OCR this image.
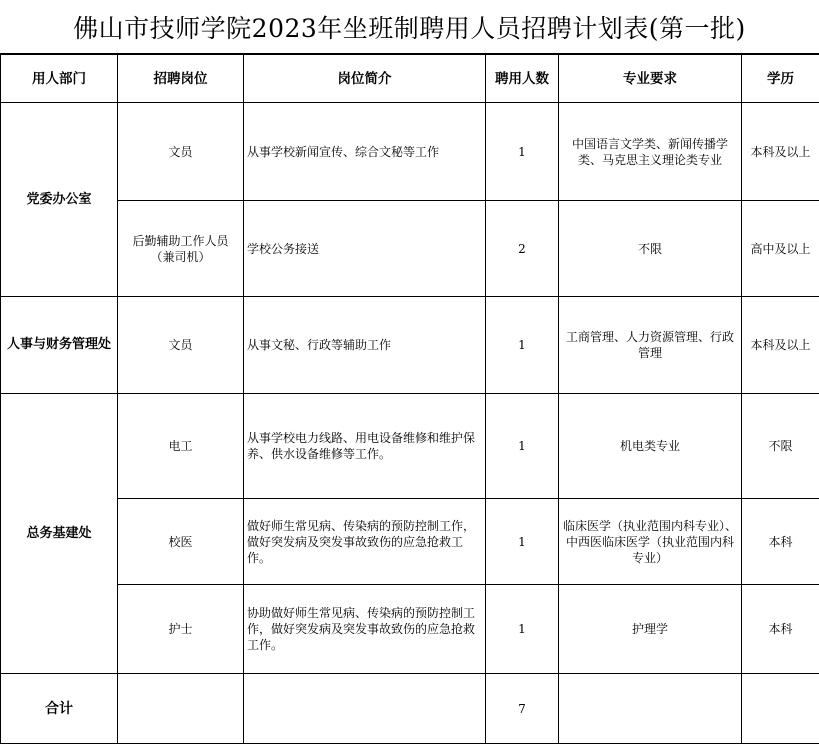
佛山市技师学院2023年坐班制聘用人员招聘计划表(第一批)
用人部门	招聘岗位	岗位简介	聘用人数	专业要求	学历
党委办公室	文员	从事学校新闻宣传、综合文秘等工作	1	中国语言文学类、新闻传播学类、马克思主义理论类专业	本科及以上
	后勤辅助工作人员（兼司机）	学校公务接送	2	不限	高中及以上
人事与财务管理处	文员	从事文秘、行政等辅助工作	1	工商管理、人力资源管理、行政管理	本科及以上
总务基建处	电工	从事学校电力线路、用电设备维修和维护保养、供水设备维修等工作。	1	机电类专业	不限
	校医	做好师生常见病、传染病的预防控制工作，做好突发病及突发事故致伤的应急抢救工作。	1	临床医学（执业范围内科专业）、中西医临床医学（执业范围内科专业）	本科
	护士	协助做好师生常见病、传染病的预防控制工作，做好突发病及突发事故致伤的应急抢救工作。	1	护理学	本科
合计			7		
